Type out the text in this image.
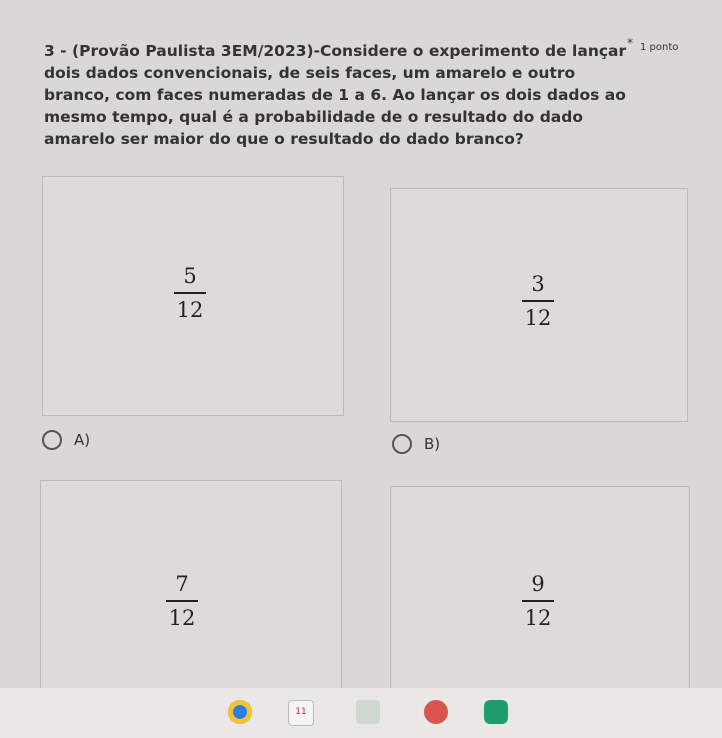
3 - (Provão Paulista 3EM/2023)-Considere o experimento de lançar dois dados convencionais, de seis faces, um amarelo e outro branco, com faces numeradas de 1 a 6. Ao lançar os dois dados ao mesmo tempo, qual é a probabilidade de o resultado do dado amarelo ser maior do que o resultado do dado branco?
* 1 ponto
5
12
A)
3
12
B)
7
12
9
12
11
